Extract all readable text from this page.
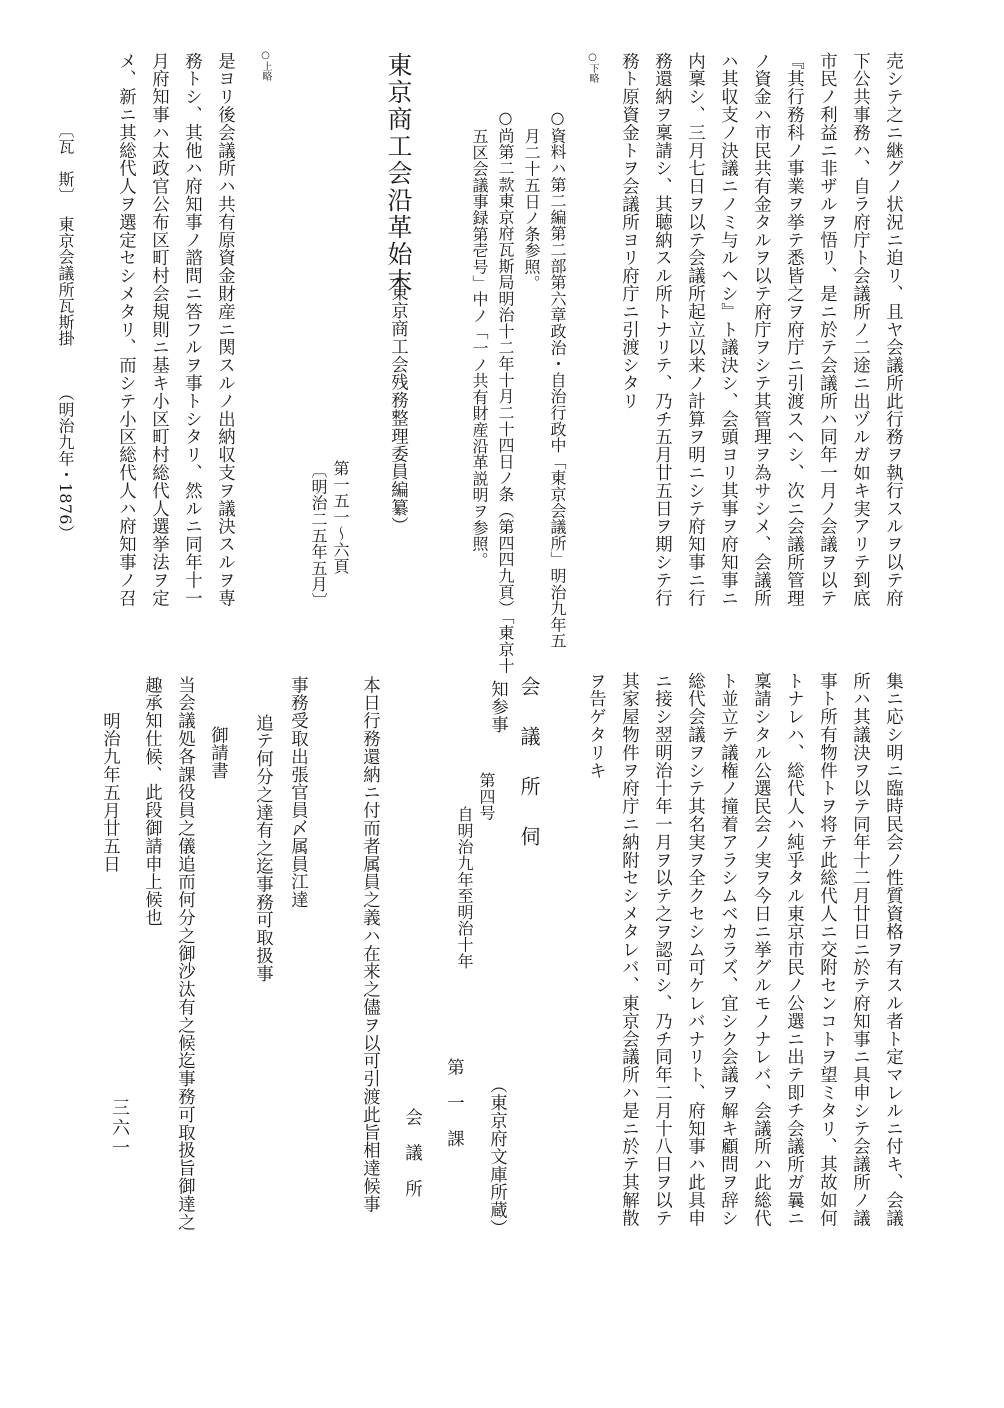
売シテ之ニ継グノ状況ニ迫リ、且ヤ会議所此行務ヲ執行スルヲ以テ府
下公共事務ハ、自ラ府庁ト会議所ノ二途ニ出ヅルガ如キ実アリテ到底
市民ノ利益ニ非ザルヲ悟リ、是ニ於テ会議所ハ同年一月ノ会議ヲ以テ
『其行務科ノ事業ヲ挙テ悉皆之ヲ府庁ニ引渡スヘシ、次ニ会議所管理
ノ資金ハ市民共有金タルヲ以テ府庁ヲシテ其管理ヲ為サシメ、会議所
ハ其収支ノ決議ニノミ与ルヘシ』ト議決シ、会頭ヨリ其事ヲ府知事ニ
内稟シ、三月七日ヲ以テ会議所起立以来ノ計算ヲ明ニシテ府知事ニ行
務還納ヲ稟請シ、其聴納スル所トナリテ、乃チ五月廿五日ヲ期シテ行
務ト原資金トヲ会議所ヨリ府庁ニ引渡シタリ
○下略
○資料ハ第二編第二部第六章政治・自治行政中「東京会議所」明治九年五
月二十五日ノ条参照。
○尚第二款東京府瓦斯局明治十二年十月二十四日ノ条（第四四九頁）「東京十
五区会議事録第壱号」中ノ「一ノ共有財産沿革説明ヲ参照。
東京商工会沿革始末
（東京商工会残務整理委員編纂）
第一五一～六頁
〔明治二五年五月〕
○上略
是ヨリ後会議所ハ共有原資金財産ニ関スルノ出納収支ヲ議決スルヲ専
務トシ、其他ハ府知事ノ諮問ニ答フルヲ事トシタリ、然ルニ同年十一
月府知事ハ太政官公布区町村会規則ニ基キ小区町村総代人選挙法ヲ定
メ、新ニ其総代人ヲ選定セシメタリ、而シテ小区総代人ハ府知事ノ召
〔瓦　斯〕
東京会議所瓦斯掛
（明治九年・1876）
集ニ応シ明ニ臨時民会ノ性質資格ヲ有スル者ト定マレルニ付キ、会議
所ハ其議決ヲ以テ同年十二月廿日ニ於テ府知事ニ具申シテ会議所ノ議
事ト所有物件トヲ将テ此総代人ニ交附センコトヲ望ミタリ、其故如何
トナレハ、総代人ハ純乎タル東京市民ノ公選ニ出テ即チ会議所ガ曩ニ
稟請シタル公選民会ノ実ヲ今日ニ挙グルモノナレバ、会議所ハ此総代
ト並立テ議権ノ撞着アラシムベカラズ、宜シク会議ヲ解キ顧問ヲ辞シ
総代会議ヲシテ其名実ヲ全クセシム可ケレバナリト、府知事ハ此具申
ニ接シ翌明治十年一月ヲ以テ之ヲ認可シ、乃チ同年二月十八日ヲ以テ
其家屋物件ヲ府庁ニ納附セシメタレバ、東京会議所ハ是ニ於テ其解散
ヲ告ゲタリキ
会　議　所　伺
第四号
自明治九年至明治十年
（東京府文庫所蔵）
第　一　課
知参事
会　議　所
本日行務還納ニ付而者属員之義ハ在来之儘ヲ以可引渡此旨相達候事
事務受取出張官員〆属員江達
追テ何分之達有之迄事務可取扱事
御請書
当会議処各課役員之儀追而何分之御沙汰有之候迄事務可取扱旨御達之
趣承知仕候、此段御請申上候也
明治九年五月廿五日
三六一
